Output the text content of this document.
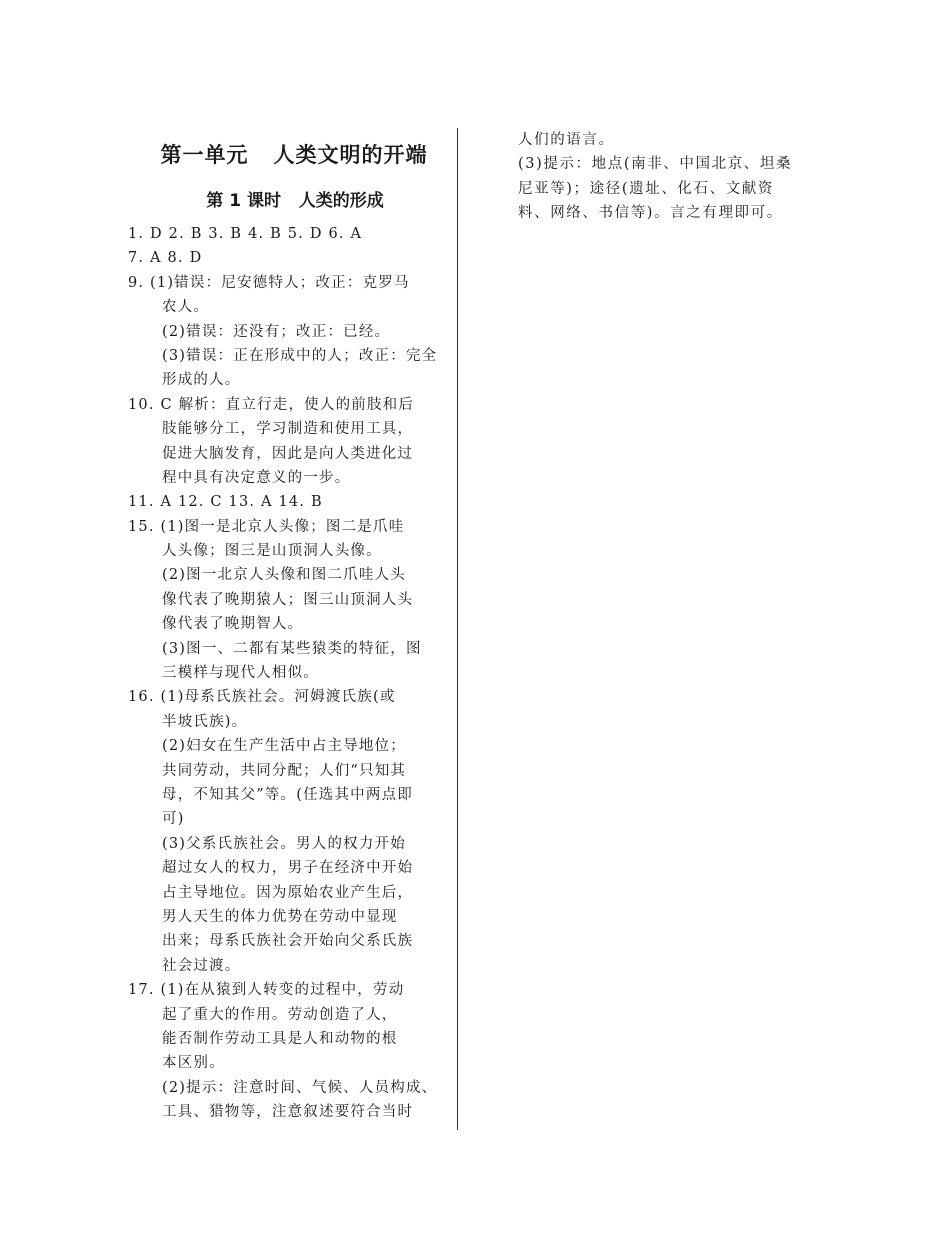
第一单元   人类文明的开端
第 1 课时   人类的形成
1. D 2. B 3. B 4. B 5. D 6. A
7. A 8. D
9. (1)错误：尼安德特人；改正：克罗马
农人。
(2)错误：还没有；改正：已经。
(3)错误：正在形成中的人；改正：完全
形成的人。
10. C 解析：直立行走，使人的前肢和后
肢能够分工，学习制造和使用工具，
促进大脑发育，因此是向人类进化过
程中具有决定意义的一步。
11. A 12. C 13. A 14. B
15. (1)图一是北京人头像；图二是爪哇
人头像；图三是山顶洞人头像。
(2)图一北京人头像和图二爪哇人头
像代表了晚期猿人；图三山顶洞人头
像代表了晚期智人。
(3)图一、二都有某些猿类的特征，图
三模样与现代人相似。
16. (1)母系氏族社会。河姆渡氏族(或
半坡氏族)。
(2)妇女在生产生活中占主导地位；
共同劳动，共同分配；人们“只知其
母，不知其父”等。(任选其中两点即
可)
(3)父系氏族社会。男人的权力开始
超过女人的权力，男子在经济中开始
占主导地位。因为原始农业产生后，
男人天生的体力优势在劳动中显现
出来；母系氏族社会开始向父系氏族
社会过渡。
17. (1)在从猿到人转变的过程中，劳动
起了重大的作用。劳动创造了人，
能否制作劳动工具是人和动物的根
本区别。
(2)提示：注意时间、气候、人员构成、
工具、猎物等，注意叙述要符合当时
人们的语言。
(3)提示：地点(南非、中国北京、坦桑
尼亚等)；途径(遗址、化石、文献资
料、网络、书信等)。言之有理即可。
